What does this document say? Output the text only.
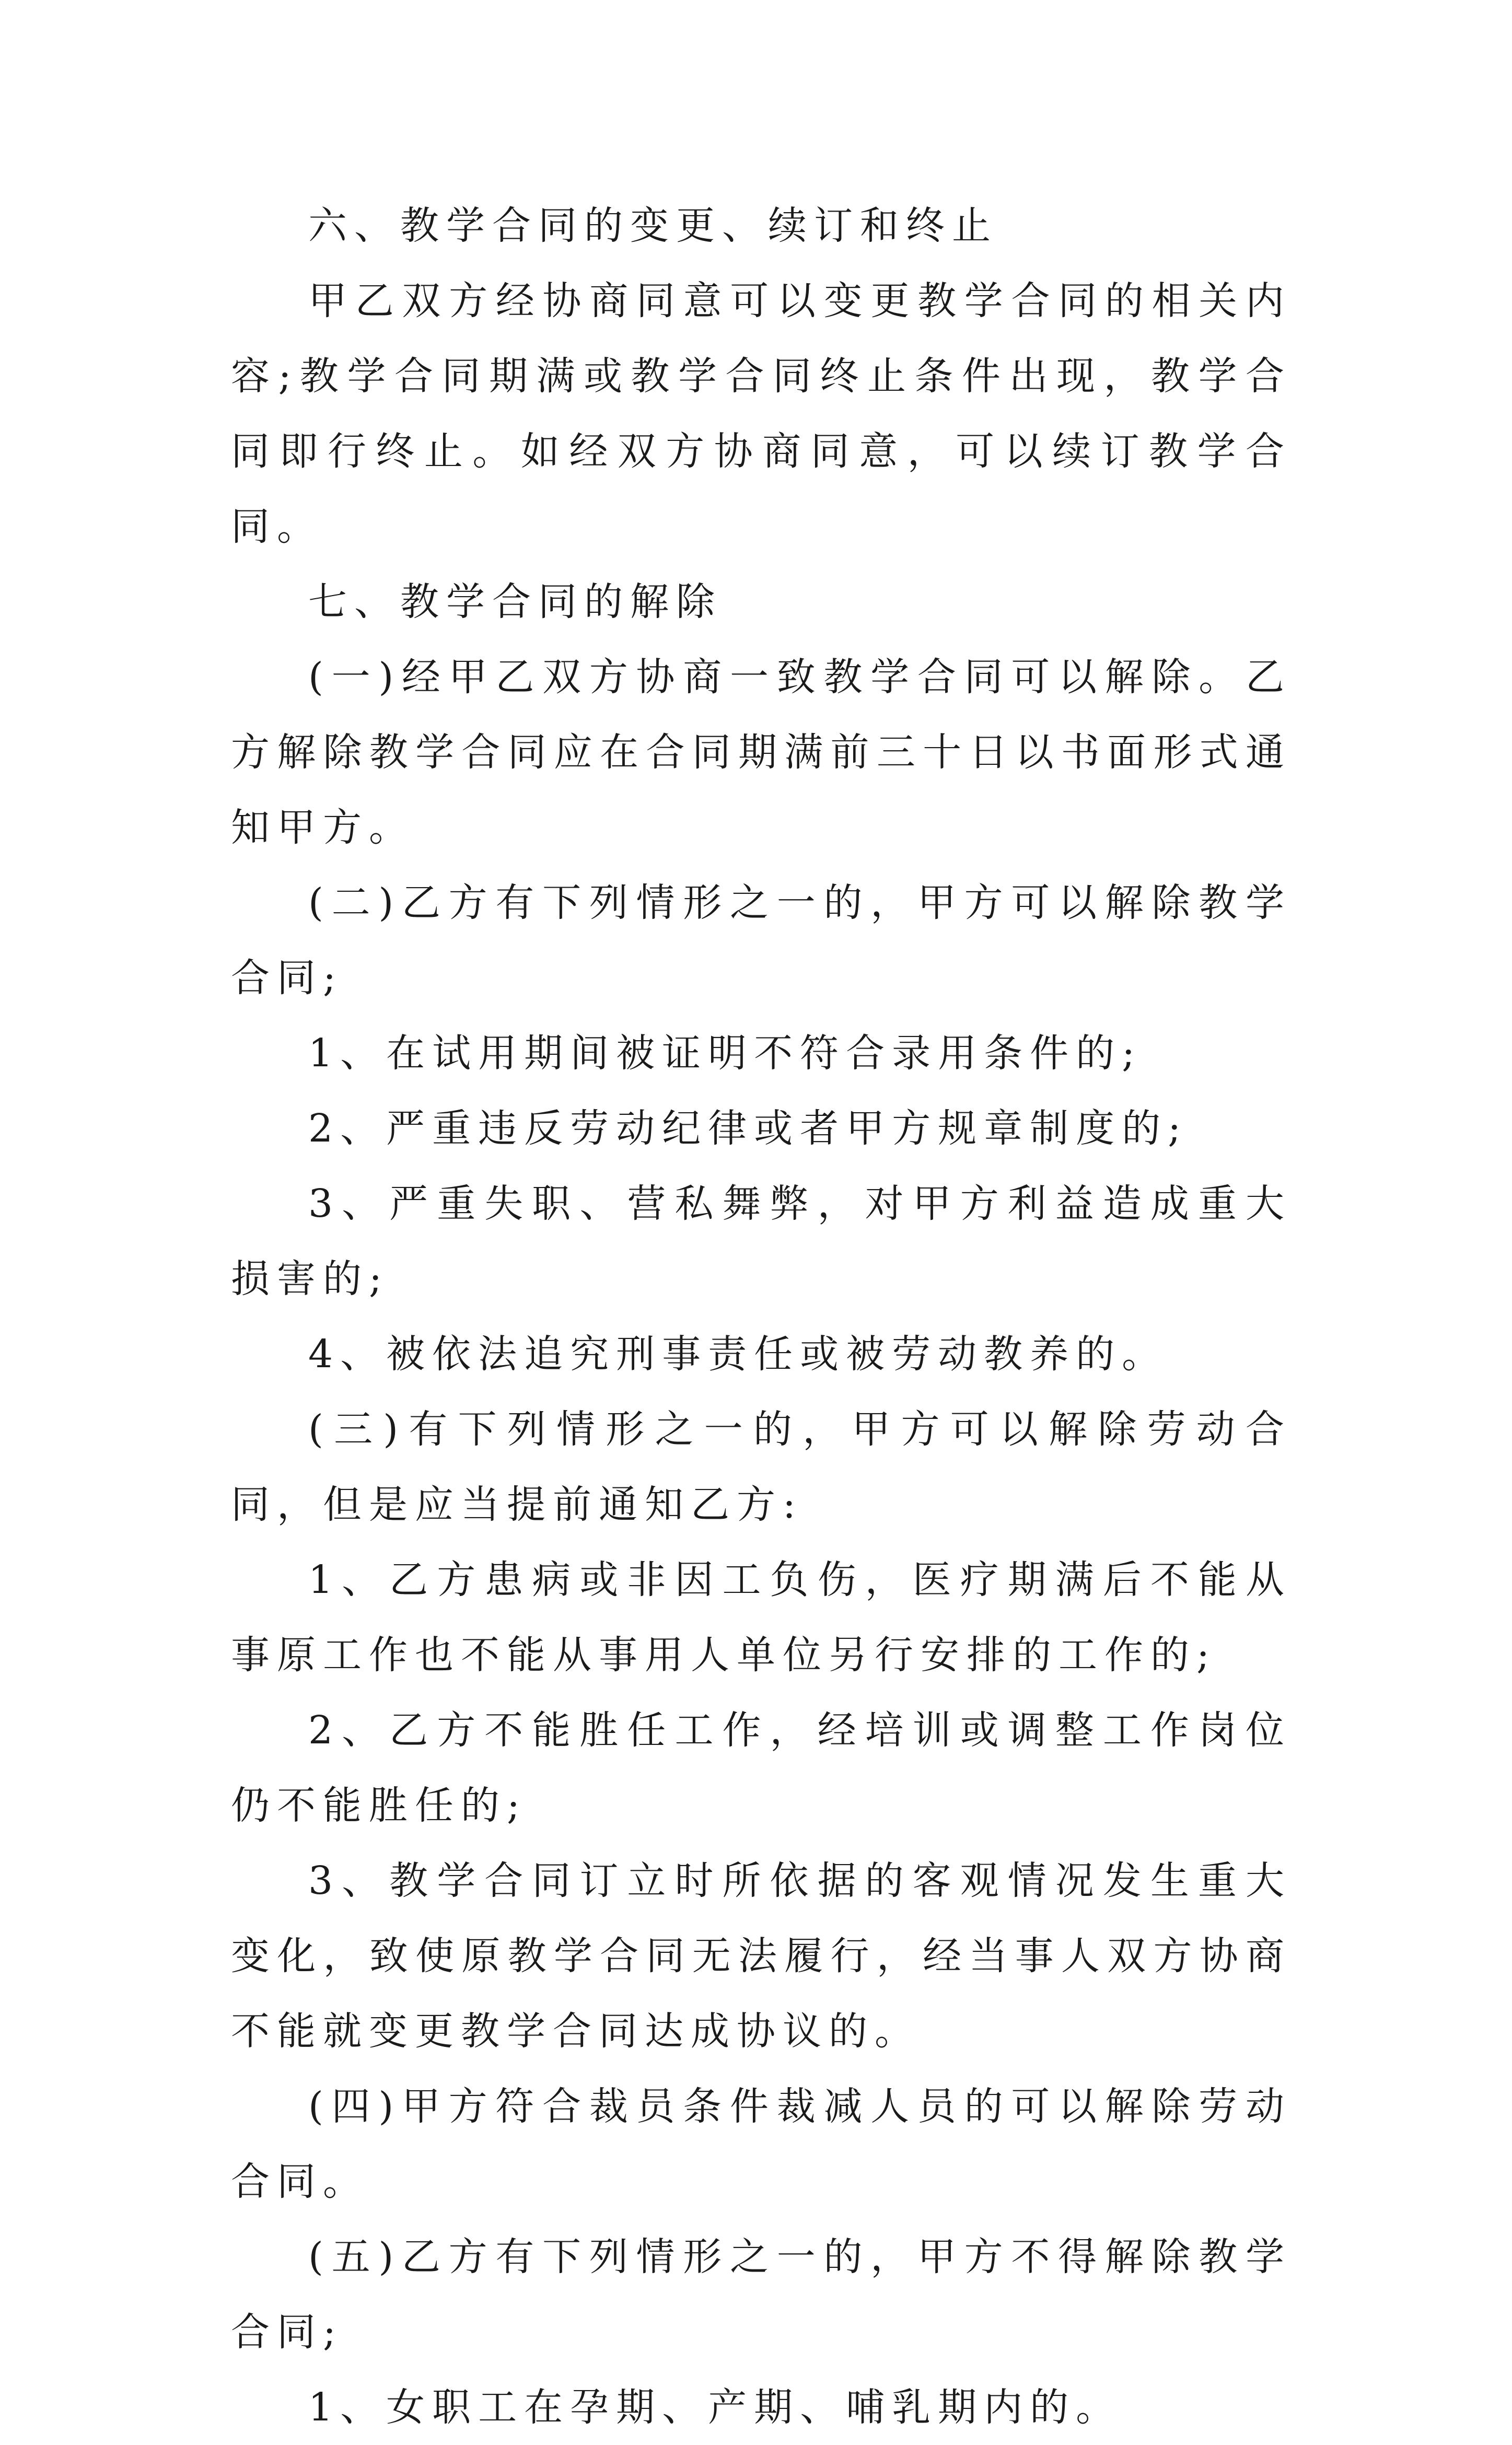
六、教学合同的变更、续订和终止

甲乙双方经协商同意可以变更教学合同的相关内容;教学合同期满或教学合同终止条件出现，教学合同即行终止。如经双方协商同意，可以续订教学合同。

七、教学合同的解除

(一)经甲乙双方协商一致教学合同可以解除。乙方解除教学合同应在合同期满前三十日以书面形式通知甲方。

(二)乙方有下列情形之一的，甲方可以解除教学合同;

1、在试用期间被证明不符合录用条件的;

2、严重违反劳动纪律或者甲方规章制度的;

3、严重失职、营私舞弊，对甲方利益造成重大损害的;

4、被依法追究刑事责任或被劳动教养的。

(三)有下列情形之一的，甲方可以解除劳动合同，但是应当提前通知乙方:

1、乙方患病或非因工负伤，医疗期满后不能从事原工作也不能从事用人单位另行安排的工作的;

2、乙方不能胜任工作，经培训或调整工作岗位仍不能胜任的;

3、教学合同订立时所依据的客观情况发生重大变化，致使原教学合同无法履行，经当事人双方协商不能就变更教学合同达成协议的。

(四)甲方符合裁员条件裁减人员的可以解除劳动合同。

(五)乙方有下列情形之一的，甲方不得解除教学合同;

1、女职工在孕期、产期、哺乳期内的。
